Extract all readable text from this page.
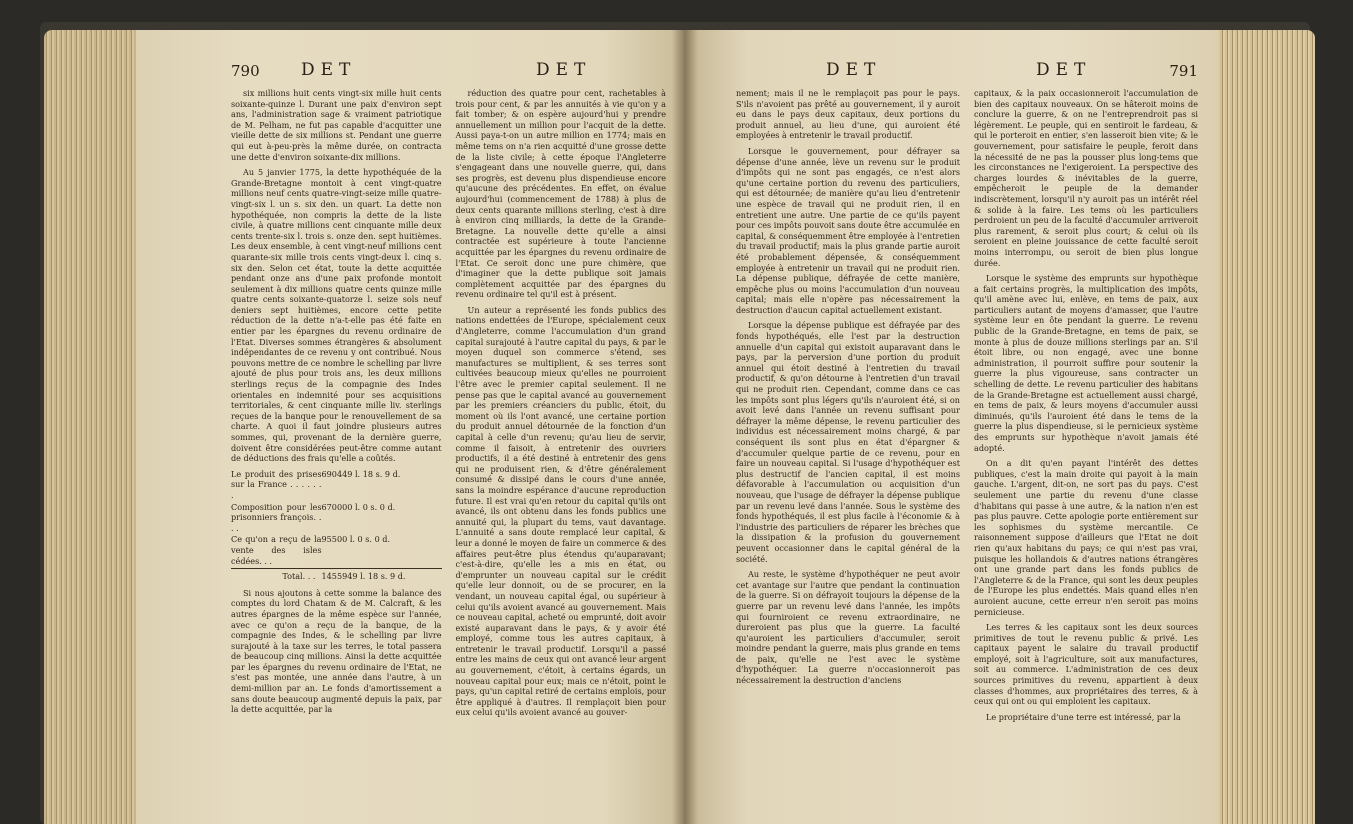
790 DET	DET

six millions huit cents vingt-six mille huit cents soixante-quinze l. Durant une paix d'environ sept ans, l'administration sage & vraiment patriotique de M. Pelham, ne fut pas capable d'acquitter une vieille dette de six millions st. Pendant une guerre qui eut à-peu-près la même durée, on contracta une dette d'environ soixante-dix millions.

Au 5 janvier 1775, la dette hypothéquée de la Grande-Bretagne montoit à cent vingt-quatre millions neuf cents quatre-vingt-seize mille quatre-vingt-six l. un s. six den. un quart. La dette non hypothéquée, non compris la dette de la liste civile, à quatre millions cent cinquante mille deux cents trente-six l. trois s. onze den. sept huitièmes. Les deux ensemble, à cent vingt-neuf millions cent quarante-six mille trois cents vingt-deux l. cinq s. six den. Selon cet état, toute la dette acquittée pendant onze ans d'une paix profonde montoit seulement à dix millions quatre cents quinze mille quatre cents soixante-quatorze l. seize sols neuf deniers sept huitièmes, encore cette petite réduction de la dette n'a-t-elle pas été faite en entier par les épargnes du revenu ordinaire de l'Etat. Diverses sommes étrangères & absolument indépendantes de ce revenu y ont contribué. Nous pouvons mettre de ce nombre le schelling par livre ajouté de plus pour trois ans, les deux millions sterlings reçus de la compagnie des Indes orientales en indemnité pour ses acquisitions territoriales, & cent cinquante mille liv. sterlings reçues de la banque pour le renouvellement de sa charte. A quoi il faut joindre plusieurs autres sommes, qui, provenant de la dernière guerre, doivent être considérées peut-être comme autant de déductions des frais qu'elle a coûtés.

Le produit des prises sur la France . . . . . . .
690449 l. 18 s. 9 d.
Composition pour les prisonniers françois. . . .
670000 l. 0 s. 0 d.
Ce qu'on a reçu de la vente des isles cédées. . .
95500 l. 0 s. 0 d.
Total. . . 1455949 l. 18 s. 9 d.

Si nous ajoutons à cette somme la balance des comptes du lord Chatam & de M. Calcraft, & les autres épargnes de la même espèce sur l'année, avec ce qu'on a reçu de la banque, de la compagnie des Indes, & le schelling par livre surajouté à la taxe sur les terres, le total passera de beaucoup cinq millions. Ainsi la dette acquittée par les épargnes du revenu ordinaire de l'Etat, ne s'est pas montée, une année dans l'autre, à un demi-million par an. Le fonds d'amortissement a sans doute beaucoup augmenté depuis la paix, par la dette acquittée, par la

réduction des quatre pour cent, rachetables à trois pour cent, & par les annuités à vie qu'on y a fait tomber; & on espère aujourd'hui y prendre annuellement un million pour l'acquit de la dette. Aussi paya-t-on un autre million en 1774; mais en même tems on n'a rien acquitté d'une grosse dette de la liste civile; à cette époque l'Angleterre s'engageant dans une nouvelle guerre, qui, dans ses progrès, est devenu plus dispendieuse encore qu'aucune des précédentes. En effet, on évalue aujourd'hui (commencement de 1788) à plus de deux cents quarante millions sterling, c'est à dire à environ cinq milliards, la dette de la Grande-Bretagne. La nouvelle dette qu'elle a ainsi contractée est supérieure à toute l'ancienne acquittée par les épargnes du revenu ordinaire de l'Etat. Ce seroit donc une pure chimère, que d'imaginer que la dette publique soit jamais complètement acquittée par des épargnes du revenu ordinaire tel qu'il est à présent.

Un auteur a représenté les fonds publics des nations endettées de l'Europe, spécialement ceux d'Angleterre, comme l'accumulation d'un grand capital surajouté à l'autre capital du pays, & par le moyen duquel son commerce s'étend, ses manufactures se multiplient, & ses terres sont cultivées beaucoup mieux qu'elles ne pourroient l'être avec le premier capital seulement. Il ne pense pas que le capital avancé au gouvernement par les premiers créanciers du public, étoit, du moment où ils l'ont avancé, une certaine portion du produit annuel détournée de la fonction d'un capital à celle d'un revenu; qu'au lieu de servir, comme il faisoit, à entretenir des ouvriers productifs, il a été destiné à entretenir des gens qui ne produisent rien, & d'être généralement consumé & dissipé dans le cours d'une année, sans la moindre espérance d'aucune reproduction future. Il est vrai qu'en retour du capital qu'ils ont avancé, ils ont obtenu dans les fonds publics une annuité qui, la plupart du tems, vaut davantage. L'annuité a sans doute remplacé leur capital, & leur a donné le moyen de faire un commerce & des affaires peut-être plus étendus qu'auparavant; c'est-à-dire, qu'elle les a mis en état, ou d'emprunter un nouveau capital sur le crédit qu'elle leur donnoit, ou de se procurer, en la vendant, un nouveau capital égal, ou supérieur à celui qu'ils avoient avancé au gouvernement. Mais ce nouveau capital, acheté ou emprunté, doit avoir existé auparavant dans le pays, & y avoir été employé, comme tous les autres capitaux, à entretenir le travail productif. Lorsqu'il a passé entre les mains de ceux qui ont avancé leur argent au gouvernement, c'étoit, à certains égards, un nouveau capital pour eux; mais ce n'étoit, point le pays, qu'un capital retiré de certains emplois, pour être appliqué à d'autres. Il remplaçoit bien pour eux celui qu'ils avoient avancé au gouver-

DET	DET	791

nement; mais il ne le remplaçoit pas pour le pays. S'ils n'avoient pas prêté au gouvernement, il y auroit eu dans le pays deux capitaux, deux portions du produit annuel, au lieu d'une, qui auroient été employées à entretenir le travail productif.

Lorsque le gouvernement, pour défrayer sa dépense d'une année, lève un revenu sur le produit d'impôts qui ne sont pas engagés, ce n'est alors qu'une certaine portion du revenu des particuliers, qui est détournée; de manière qu'au lieu d'entretenir une espèce de travail qui ne produit rien, il en entretient une autre. Une partie de ce qu'ils payent pour ces impôts pouvoit sans doute être accumulée en capital, & conséquemment être employée à l'entretien du travail productif; mais la plus grande partie auroit été probablement dépensée, & conséquemment employée à entretenir un travail qui ne produit rien. La dépense publique, défrayée de cette manière, empêche plus ou moins l'accumulation d'un nouveau capital; mais elle n'opère pas nécessairement la destruction d'aucun capital actuellement existant.

Lorsque la dépense publique est défrayée par des fonds hypothéqués, elle l'est par la destruction annuelle d'un capital qui existoit auparavant dans le pays, par la perversion d'une portion du produit annuel qui étoit destiné à l'entretien du travail productif, & qu'on détourne à l'entretien d'un travail qui ne produit rien. Cependant, comme dans ce cas les impôts sont plus légers qu'ils n'auroient été, si on avoit levé dans l'année un revenu suffisant pour défrayer la même dépense, le revenu particulier des individus est nécessairement moins chargé, & par conséquent ils sont plus en état d'épargner & d'accumuler quelque partie de ce revenu, pour en faire un nouveau capital. Si l'usage d'hypothéquer est plus destructif de l'ancien capital, il est moins défavorable à l'accumulation ou acquisition d'un nouveau, que l'usage de défrayer la dépense publique par un revenu levé dans l'année. Sous le système des fonds hypothéqués, il est plus facile à l'économie & à l'industrie des particuliers de réparer les brèches que la dissipation & la profusion du gouvernement peuvent occasionner dans le capital général de la société.

Au reste, le système d'hypothéquer ne peut avoir cet avantage sur l'autre que pendant la continuation de la guerre. Si on défrayoit toujours la dépense de la guerre par un revenu levé dans l'année, les impôts qui fourniroient ce revenu extraordinaire, ne dureroient pas plus que la guerre. La faculté qu'auroient les particuliers d'accumuler, seroit moindre pendant la guerre, mais plus grande en tems de paix, qu'elle ne l'est avec le système d'hypothéquer. La guerre n'occasionneroit pas nécessairement la destruction d'anciens

capitaux, & la paix occasionneroit l'accumulation de bien des capitaux nouveaux. On se hâteroit moins de conclure la guerre, & on ne l'entreprendroit pas si légèrement. Le peuple, qui en sentiroit le fardeau, & qui le porteroit en entier, s'en lasseroit bien vite; & le gouvernement, pour satisfaire le peuple, feroit dans la nécessité de ne pas la pousser plus long-tems que les circonstances ne l'exigeroient. La perspective des charges lourdes & inévitables de la guerre, empêcheroit le peuple de la demander indiscrètement, lorsqu'il n'y auroit pas un intérêt réel & solide à la faire. Les tems où les particuliers perdroient un peu de la faculté d'accumuler arriveroit plus rarement, & seroit plus court; & celui où ils seroient en pleine jouissance de cette faculté seroit moins interrompu, ou seroit de bien plus longue durée.

Lorsque le système des emprunts sur hypothèque a fait certains progrès, la multiplication des impôts, qu'il amène avec lui, enlève, en tems de paix, aux particuliers autant de moyens d'amasser, que l'autre système leur en ôte pendant la guerre. Le revenu public de la Grande-Bretagne, en tems de paix, se monte à plus de douze millions sterlings par an. S'il étoit libre, ou non engagé, avec une bonne administration, il pourroit suffire pour soutenir la guerre la plus vigoureuse, sans contracter un schelling de dette. Le revenu particulier des habitans de la Grande-Bretagne est actuellement aussi chargé, en tems de paix, & leurs moyens d'accumuler aussi diminués, qu'ils l'auroient été dans le tems de la guerre la plus dispendieuse, si le pernicieux système des emprunts sur hypothèque n'avoit jamais été adopté.

On a dit qu'en payant l'intérêt des dettes publiques, c'est la main droite qui payoit à la main gauche. L'argent, dit-on, ne sort pas du pays. C'est seulement une partie du revenu d'une classe d'habitans qui passe à une autre, & la nation n'en est pas plus pauvre. Cette apologie porte entièrement sur les sophismes du système mercantile. Ce raisonnement suppose d'ailleurs que l'Etat ne doit rien qu'aux habitans du pays; ce qui n'est pas vrai, puisque les hollandois & d'autres nations étrangères ont une grande part dans les fonds publics de l'Angleterre & de la France, qui sont les deux peuples de l'Europe les plus endettés. Mais quand elles n'en auroient aucune, cette erreur n'en seroit pas moins pernicieuse.

Les terres & les capitaux sont les deux sources primitives de tout le revenu public & privé. Les capitaux payent le salaire du travail productif employé, soit à l'agriculture, soit aux manufactures, soit au commerce. L'administration de ces deux sources primitives du revenu, appartient à deux classes d'hommes, aux propriétaires des terres, & à ceux qui ont ou qui emploient les capitaux.

Le propriétaire d'une terre est intéressé, par la
